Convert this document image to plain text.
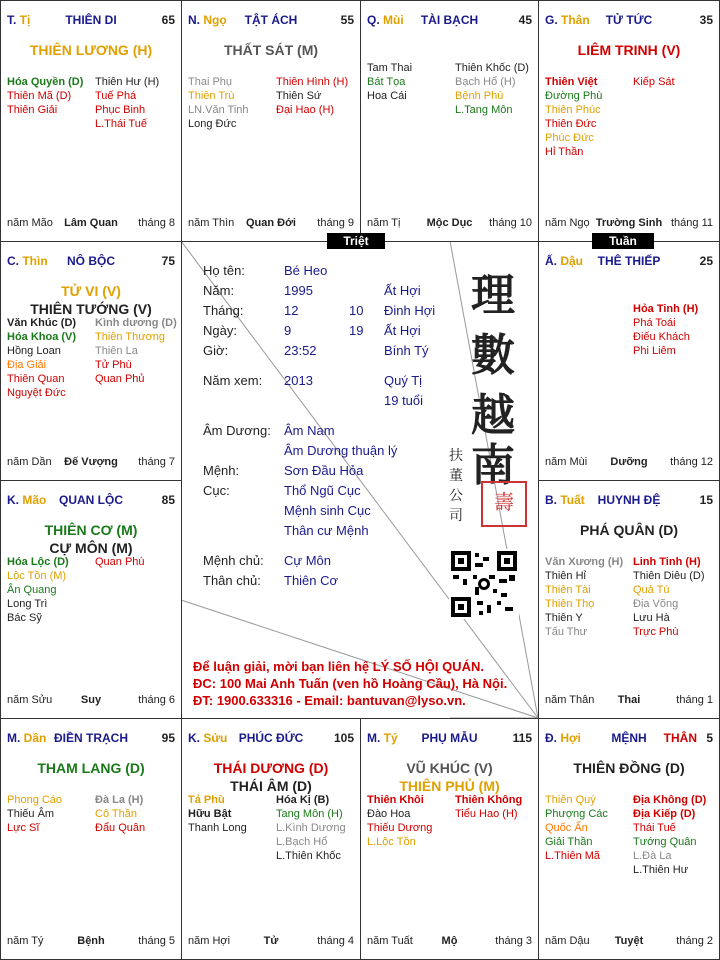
THIÊN DI
T. Tị	65
THIÊN LƯƠNG (H)
Hóa Quyền (D)
Thiên Mã (D)
Thiên Giải
Thiên Hư (H)
Tuế Phá
Phục Binh
L.Thái Tuế
năm Mão	Lâm Quan	tháng 8
TẬT ÁCH
N. Ngọ	55
THẤT SÁT (M)
Thai Phụ
Thiên Trù
LN.Văn Tinh
Long Đức
Thiên Hình (H)
Thiên Sứ
Đại Hao (H)
năm Thìn	Quan Đới	tháng 9
TÀI BẠCH
Q. Mùi	45
Tam Thai
Bát Tọa
Hoa Cái
Thiên Khốc (D)
Bạch Hổ (H)
Bệnh Phù
L.Tang Môn
năm Tị	Mộc Dục	tháng 10
TỬ TỨC
G. Thân	35
LIÊM TRINH (V)
Thiên Việt
Đường Phù
Thiên Phúc
Thiên Đức
Phúc Đức
Hỉ Thần
Kiếp Sát
năm Ngọ Trường Sinh tháng 11
NÔ BỘC
C. Thìn	75
TỬ VI (V)
THIÊN TƯỚNG (V)
Văn Khúc (D)
Hóa Khoa (V)
Hồng Loan
Địa Giải
Thiên Quan
Nguyệt Đức
Kình dương (D)
Thiên Thương
Thiên La
Tử Phù
Quan Phủ
năm Dần	Đế Vượng	tháng 7
THÊ THIẾP
Ấ. Dậu	25
Hỏa Tinh (H)
Phá Toái
Điếu Khách
Phi Liêm
năm Mùi	Dưỡng	tháng 12
QUAN LỘC
K. Mão	85
THIÊN CƠ (M)
CỰ MÔN (M)
Hóa Lộc (D)
Lộc Tồn (M)
Ân Quang
Long Trì
Bác Sỹ
Quan Phù
năm Sửu	Suy	tháng 6
HUYNH ĐỆ
B. Tuất	15
PHÁ QUÂN (D)
Văn Xương (H)
Thiên Hỉ
Thiên Tài
Thiên Thọ
Thiên Y
Tấu Thư
Linh Tinh (H)
Thiên Diêu (D)
Quả Tú
Địa Võng
Lưu Hà
Trực Phù
năm Thân	Thai	tháng 1
ĐIỀN TRẠCH
M. Dần	95
THAM LANG (D)
Phong Cáo
Thiếu Âm
Lực Sĩ
Đà La (H)
Cô Thần
Đẩu Quân
năm Tý	Bệnh	tháng 5
PHÚC ĐỨC
K. Sửu	105
THÁI DƯƠNG (D)
THÁI ÂM (D)
Tả Phù
Hữu Bật
Thanh Long
Hóa Kị (B)
Tang Môn (H)
L.Kình Dương
L.Bạch Hổ
L.Thiên Khốc
năm Hợi	Tử	tháng 4
PHỤ MẪU
M. Tý	115
VŨ KHÚC (V)
THIÊN PHỦ (M)
Thiên Khôi
Đào Hoa
Thiếu Dương
L.Lộc Tồn
Thiên Không
Tiểu Hao (H)
năm Tuất	Mộ	tháng 3
MỆNH
Đ. Hợi	THÂN 5
THIÊN ĐỒNG (D)
Thiên Quý
Phượng Các
Quốc Ấn
Giải Thần
L.Thiên Mã
Địa Không (D)
Địa Kiếp (D)
Thái Tuế
Tướng Quân
L.Đà La
L.Thiên Hư
năm Dậu	Tuyệt	tháng 2
Họ tên:	Bé Heo
Năm:	1995	Ất Hợi
Tháng:	12	10 Đinh Hợi
Ngày:	9	19 Ất Hợi
Giờ:	23:52	Bính Tý
Năm xem: 2013	Quý Tị
19 tuổi
Âm Dương: Âm Nam
Âm Dương thuận lý
Mệnh:	Sơn Đầu Hỏa
Cục:	Thổ Ngũ Cục
Mệnh sinh Cục
Thân cư Mệnh
Mệnh chủ: Cự Môn
Thân chủ: Thiên Cơ
理
數
越
南
扶
董
公
司
壽
Để luận giải, mời bạn liên hệ LÝ SỐ HỘI QUÁN.
ĐC: 100 Mai Anh Tuấn (ven hồ Hoàng Cầu), Hà Nội.
ĐT: 1900.633316 - Email: bantuvan@lyso.vn.
Triệt	Tuần
